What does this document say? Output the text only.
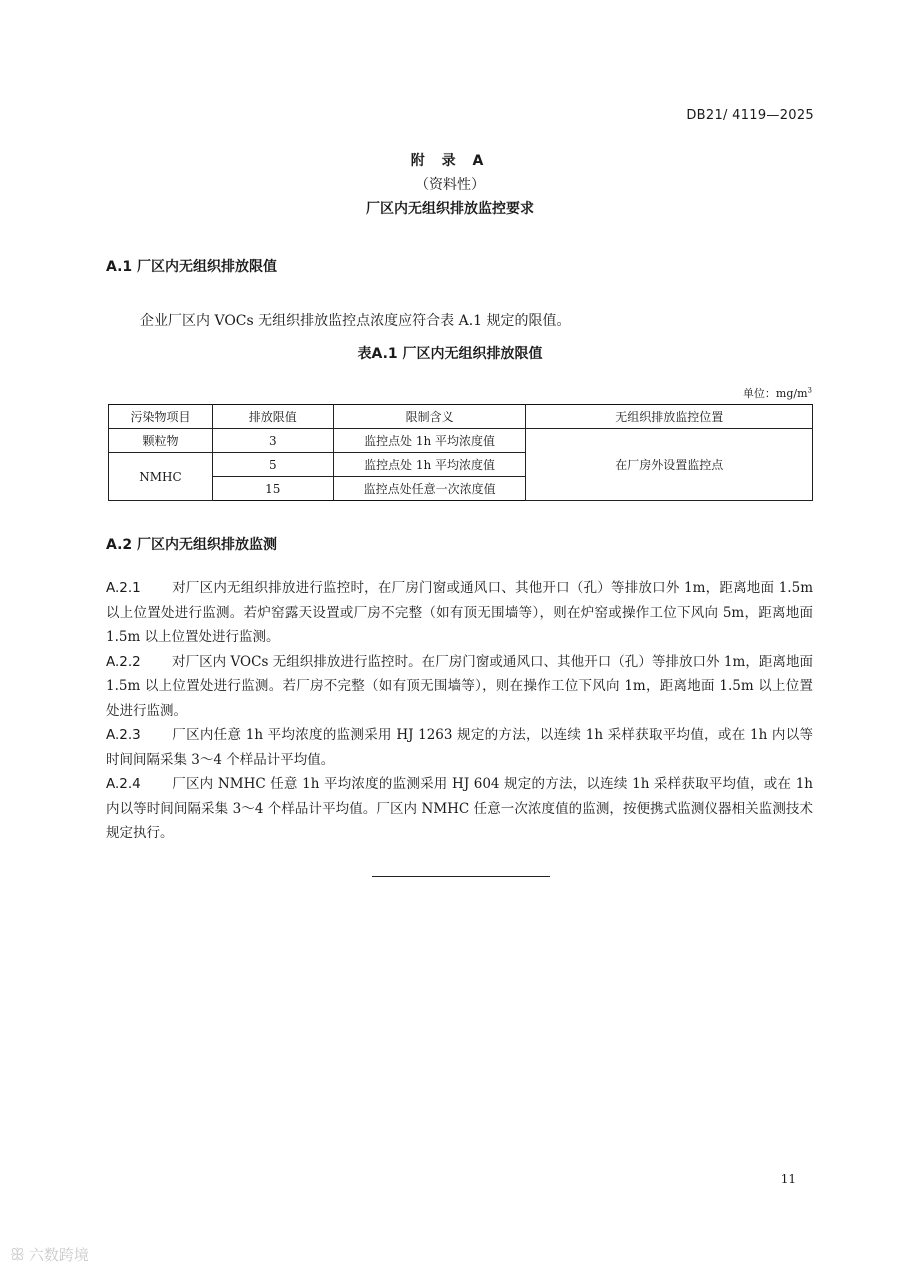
DB21/ 4119—2025
附 录 A
（资料性）
厂区内无组织排放监控要求
A.1 厂区内无组织排放限值
企业厂区内 VOCs 无组织排放监控点浓度应符合表 A.1 规定的限值。
表A.1 厂区内无组织排放限值
单位：$mg/m^3$
污染物项目	排放限值	限制含义	无组织排放监控位置
颗粒物	3	监控点处 1h 平均浓度值	在厂房外设置监控点
NMHC	5	监控点处 1h 平均浓度值	
	15	监控点处任意一次浓度值	
A.2 厂区内无组织排放监测

A.2.1 对厂区内无组织排放进行监控时，在厂房门窗或通风口、其他开口（孔）等排放口外 1m，距离地面 1.5m 以上位置处进行监测。若炉窑露天设置或厂房不完整（如有顶无围墙等），则在炉窑或操作工位下风向 5m，距离地面 1.5m 以上位置处进行监测。

A.2.2 对厂区内 VOCs 无组织排放进行监控时。在厂房门窗或通风口、其他开口（孔）等排放口外 1m，距离地面 1.5m 以上位置处进行监测。若厂房不完整（如有顶无围墙等），则在操作工位下风向 1m，距离地面 1.5m 以上位置处进行监测。

A.2.3 厂区内任意 1h 平均浓度的监测采用 HJ 1263 规定的方法，以连续 1h 采样获取平均值，或在 1h 内以等时间间隔采集 3～4 个样品计平均值。

A.2.4 厂区内 NMHC 任意 1h 平均浓度的监测采用 HJ 604 规定的方法，以连续 1h 采样获取平均值，或在 1h 内以等时间间隔采集 3～4 个样品计平均值。厂区内 NMHC 任意一次浓度值的监测，按便携式监测仪器相关监测技术规定执行。

11
ꕥ 六数跨境
